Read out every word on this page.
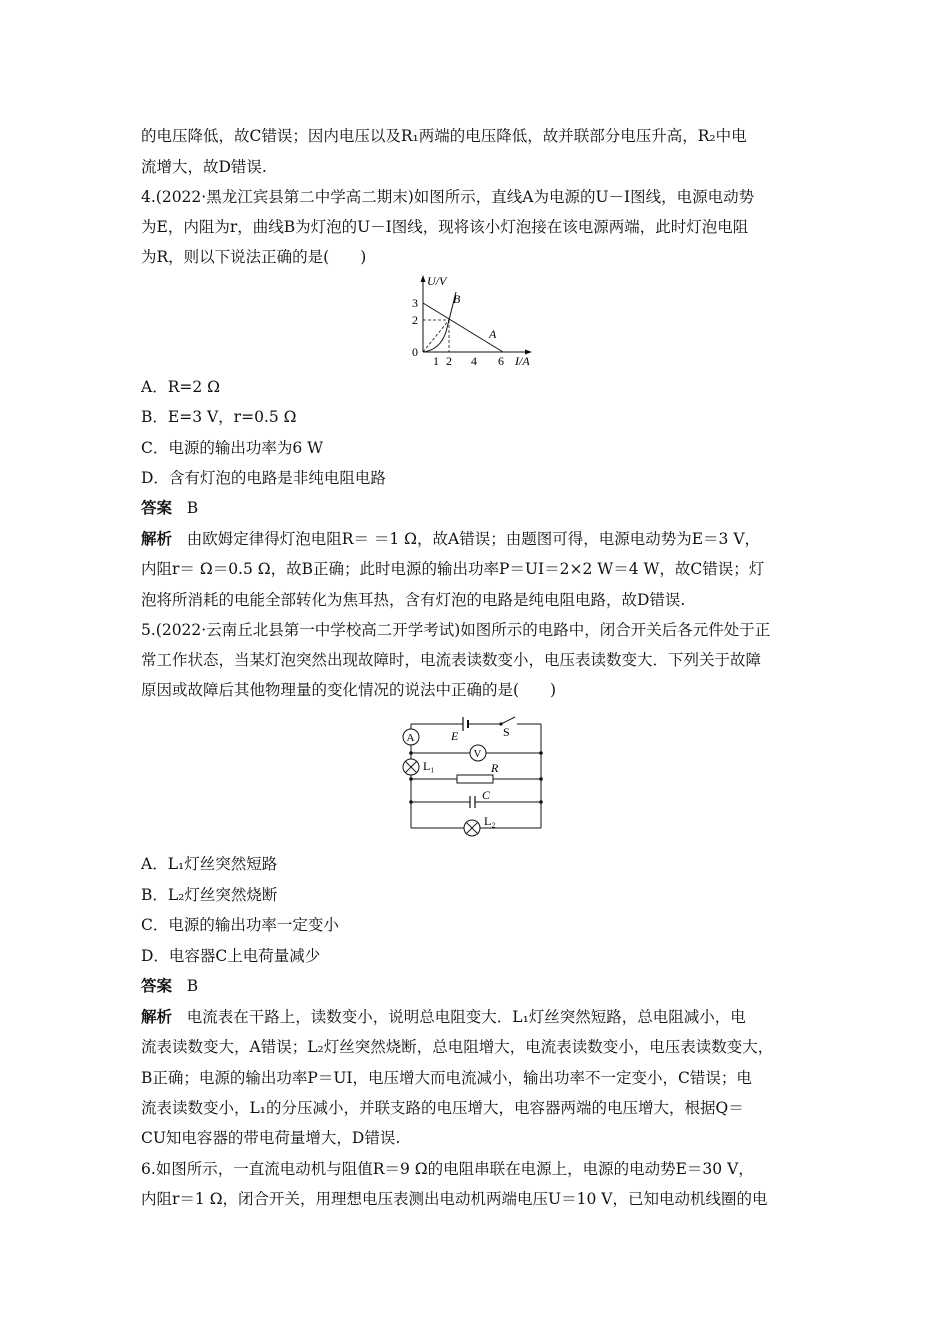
的电压降低，故C错误；因内电压以及R₁两端的电压降低，故并联部分电压升高，R₂中电
流增大，故D错误.
4.(2022·黑龙江宾县第二中学高二期末)如图所示，直线A为电源的U－I图线，电源电动势
为E，内阻为r，曲线B为灯泡的U－I图线，现将该小灯泡接在该电源两端，此时灯泡电阻
为R，则以下说法正确的是(　　)
U/V
I/A
0
3
2
1 2 4 6
A
B
A．R=2 Ω
B．E=3 V，r=0.5 Ω
C．电源的输出功率为6 W
D．含有灯泡的电路是非纯电阻电路
答案 B
解析 由欧姆定律得灯泡电阻R＝ ＝1 Ω，故A错误；由题图可得，电源电动势为E＝3 V，
内阻r＝ Ω＝0.5 Ω，故B正确；此时电源的输出功率P＝UI＝2×2 W＝4 W，故C错误；灯
泡将所消耗的电能全部转化为焦耳热，含有灯泡的电路是纯电阻电路，故D错误.
5.(2022·云南丘北县第一中学校高二开学考试)如图所示的电路中，闭合开关后各元件处于正
常工作状态，当某灯泡突然出现故障时，电流表读数变小，电压表读数变大．下列关于故障
原因或故障后其他物理量的变化情况的说法中正确的是(　　)
E	S
A
V
L₁	R
C
L₂
A．L₁灯丝突然短路
B．L₂灯丝突然烧断
C．电源的输出功率一定变小
D．电容器C上电荷量减少
答案 B
解析 电流表在干路上，读数变小，说明总电阻变大．L₁灯丝突然短路，总电阻减小，电
流表读数变大，A错误；L₂灯丝突然烧断，总电阻增大，电流表读数变小，电压表读数变大，
B正确；电源的输出功率P＝UI，电压增大而电流减小，输出功率不一定变小，C错误；电
流表读数变小，L₁的分压减小，并联支路的电压增大，电容器两端的电压增大，根据Q＝
CU知电容器的带电荷量增大，D错误.
6.如图所示，一直流电动机与阻值R＝9 Ω的电阻串联在电源上，电源的电动势E＝30 V，
内阻r＝1 Ω，闭合开关，用理想电压表测出电动机两端电压U＝10 V，已知电动机线圈的电
